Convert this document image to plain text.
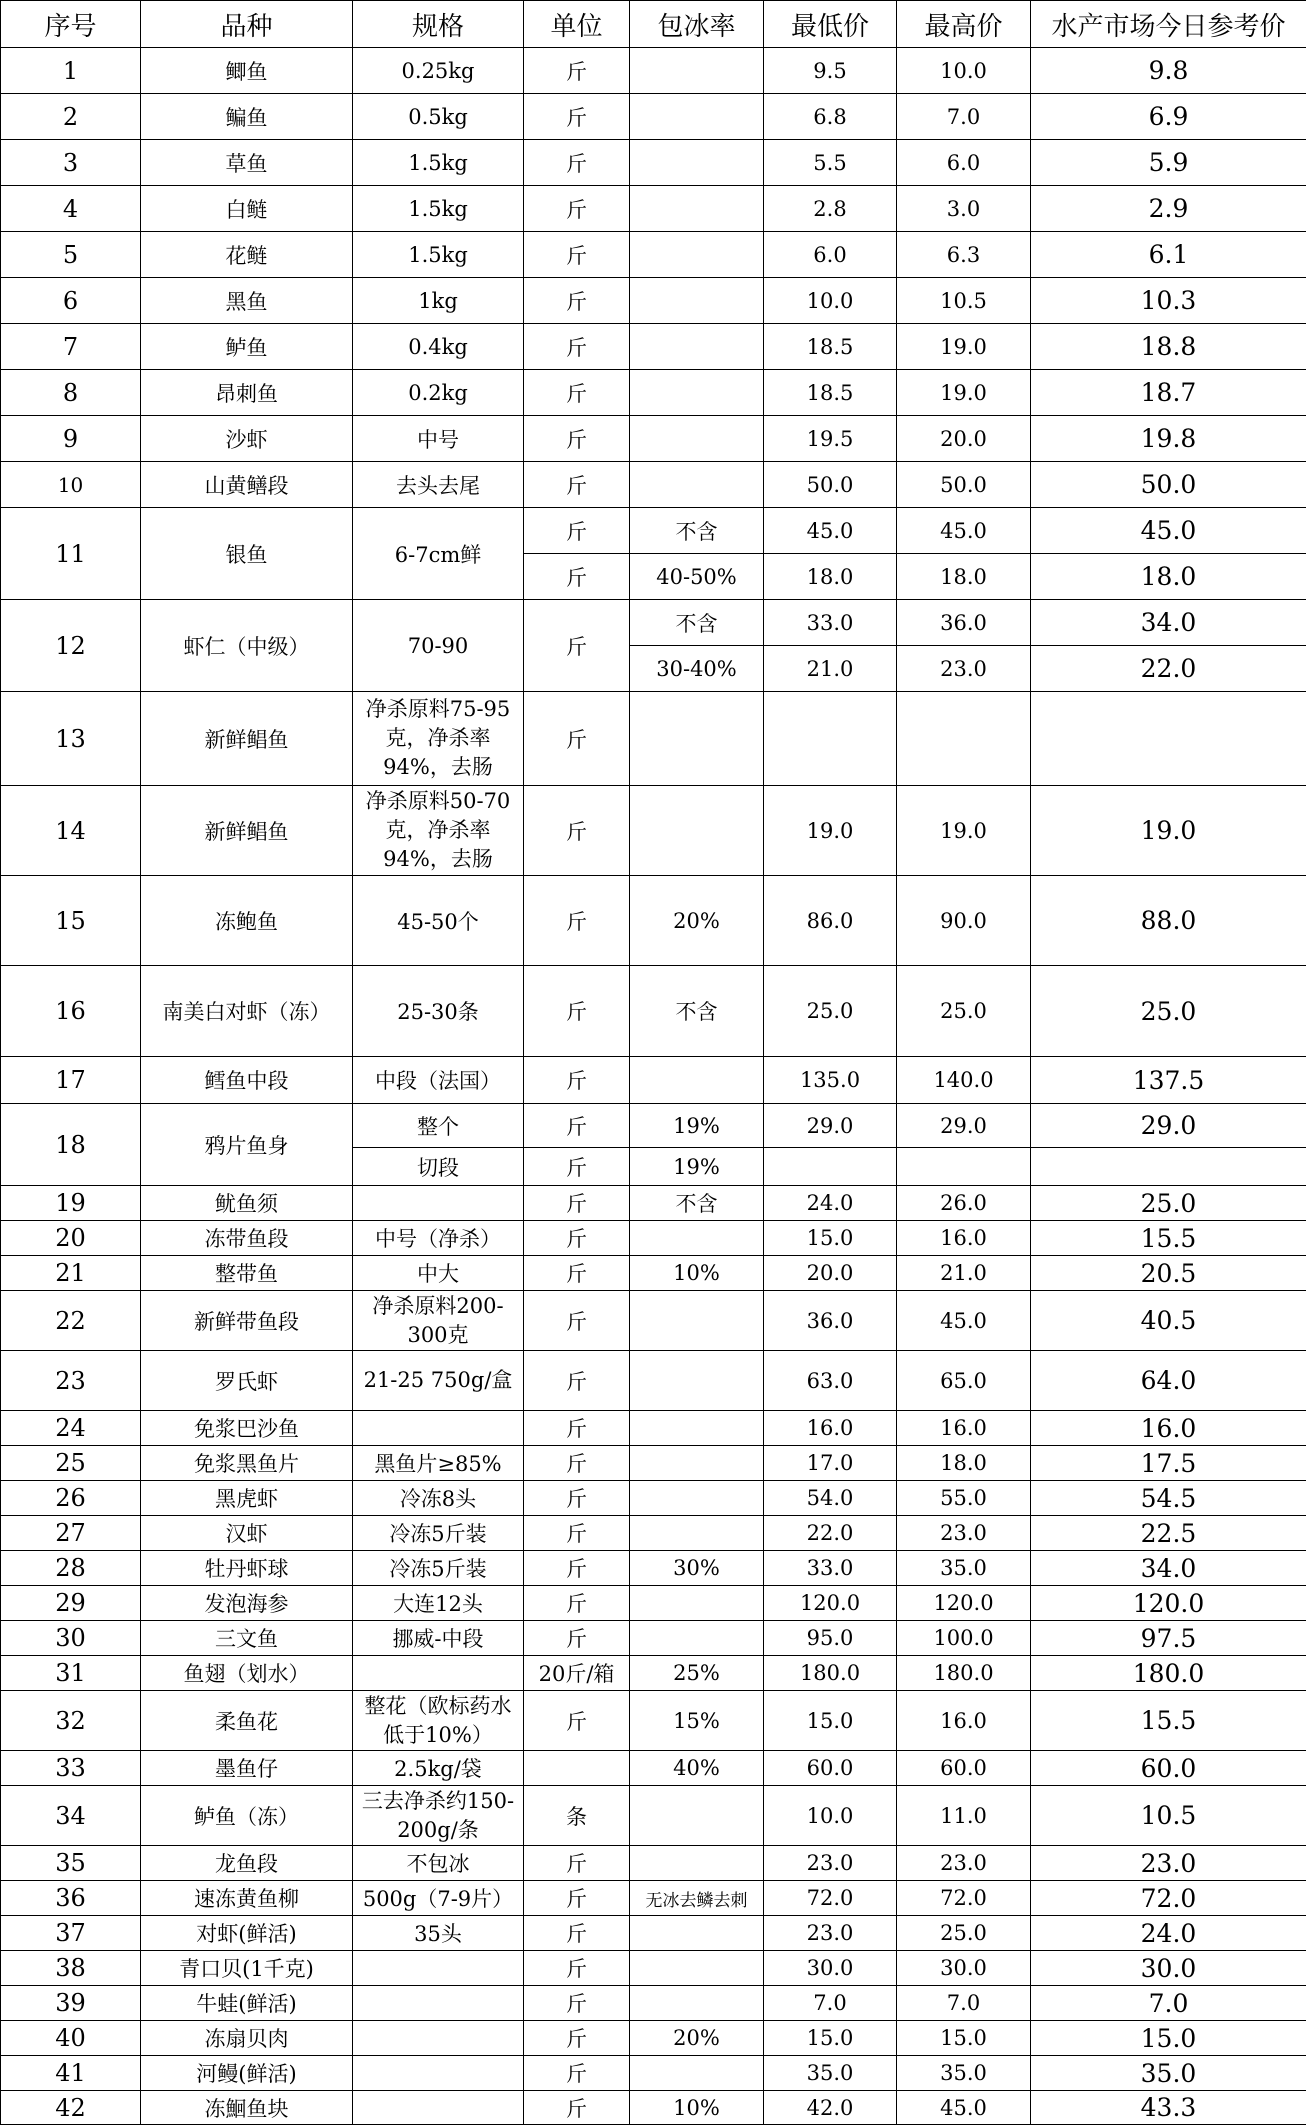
序号	品种	规格	单位	包冰率	最低价	最高价	水产市场今日参考价
1	鲫鱼	0.25kg	斤		9.5	10.0	9.8
2	鳊鱼	0.5kg	斤		6.8	7.0	6.9
3	草鱼	1.5kg	斤		5.5	6.0	5.9
4	白鲢	1.5kg	斤		2.8	3.0	2.9
5	花鲢	1.5kg	斤		6.0	6.3	6.1
6	黑鱼	1kg	斤		10.0	10.5	10.3
7	鲈鱼	0.4kg	斤		18.5	19.0	18.8
8	昂刺鱼	0.2kg	斤		18.5	19.0	18.7
9	沙虾	中号	斤		19.5	20.0	19.8
10	山黄鳝段	去头去尾	斤		50.0	50.0	50.0
11	银鱼	6-7cm鲜	斤	不含	45.0	45.0	45.0
			斤	40-50%	18.0	18.0	18.0
12	虾仁（中级）	70-90	斤	不含	33.0	36.0	34.0
				30-40%	21.0	23.0	22.0
13	新鲜鲳鱼	净杀原料75-95克，净杀率94%，去肠	斤				
14	新鲜鲳鱼	净杀原料50-70克，净杀率94%，去肠	斤		19.0	19.0	19.0
15	冻鲍鱼	45-50个	斤	20%	86.0	90.0	88.0
16	南美白对虾（冻）	25-30条	斤	不含	25.0	25.0	25.0
17	鳕鱼中段	中段（法国）	斤		135.0	140.0	137.5
18	鸦片鱼身	整个	斤	19%	29.0	29.0	29.0
		切段	斤	19%			
19	鱿鱼须		斤	不含	24.0	26.0	25.0
20	冻带鱼段	中号（净杀）	斤		15.0	16.0	15.5
21	整带鱼	中大	斤	10%	20.0	21.0	20.5
22	新鲜带鱼段	净杀原料200-300克	斤		36.0	45.0	40.5
23	罗氏虾	21-25 750g/盒	斤		63.0	65.0	64.0
24	免浆巴沙鱼		斤		16.0	16.0	16.0
25	免浆黑鱼片	黑鱼片≥85%	斤		17.0	18.0	17.5
26	黑虎虾	冷冻8头	斤		54.0	55.0	54.5
27	汉虾	冷冻5斤装	斤		22.0	23.0	22.5
28	牡丹虾球	冷冻5斤装	斤	30%	33.0	35.0	34.0
29	发泡海参	大连12头	斤		120.0	120.0	120.0
30	三文鱼	挪威-中段	斤		95.0	100.0	97.5
31	鱼翅（划水）		20斤/箱	25%	180.0	180.0	180.0
32	柔鱼花	整花（欧标药水低于10%）	斤	15%	15.0	16.0	15.5
33	墨鱼仔	2.5kg/袋		40%	60.0	60.0	60.0
34	鲈鱼（冻）	三去净杀约150-200g/条	条		10.0	11.0	10.5
35	龙鱼段	不包冰	斤		23.0	23.0	23.0
36	速冻黄鱼柳	500g（7-9片）	斤	无冰去鳞去刺	72.0	72.0	72.0
37	对虾(鲜活)	35头	斤		23.0	25.0	24.0
38	青口贝(1千克)		斤		30.0	30.0	30.0
39	牛蛙(鲜活)		斤		7.0	7.0	7.0
40	冻扇贝肉		斤	20%	15.0	15.0	15.0
41	河鳗(鲜活)		斤		35.0	35.0	35.0
42	冻鮰鱼块		斤	10%	42.0	45.0	43.3
